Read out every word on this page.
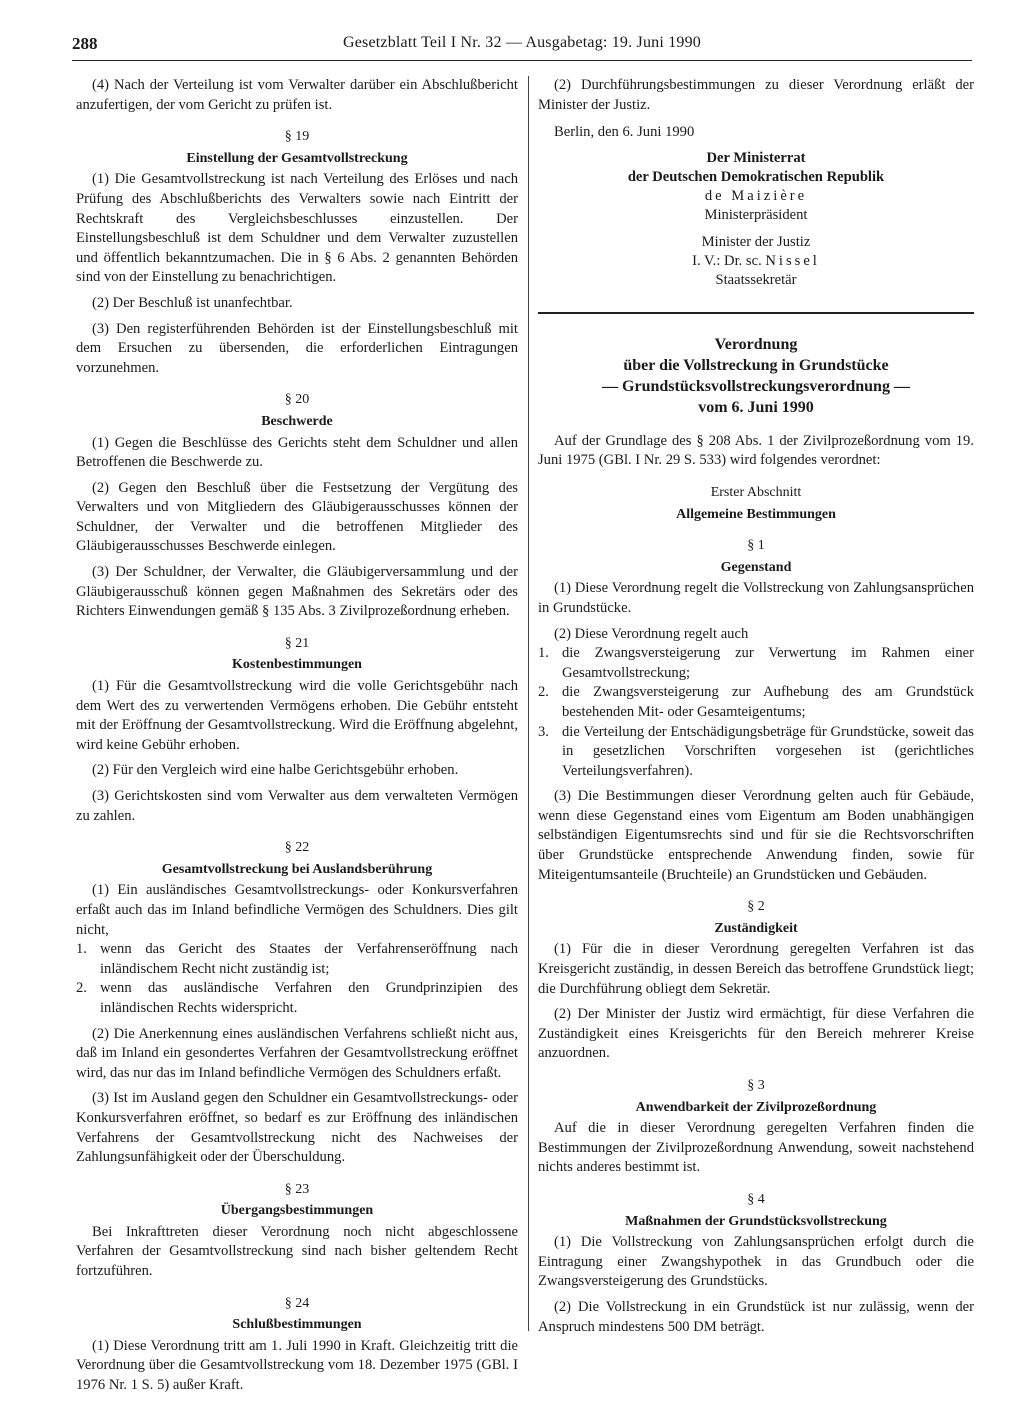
288	Gesetzblatt Teil I Nr. 32 — Ausgabetag: 19. Juni 1990

(4) Nach der Verteilung ist vom Verwalter darüber ein Abschlußbericht anzufertigen, der vom Gericht zu prüfen ist.

§ 19
Einstellung der Gesamtvollstreckung

(1) Die Gesamtvollstreckung ist nach Verteilung des Erlöses und nach Prüfung des Abschlußberichts des Verwalters sowie nach Eintritt der Rechtskraft des Vergleichsbeschlusses einzustellen. Der Einstellungsbeschluß ist dem Schuldner und dem Verwalter zuzustellen und öffentlich bekanntzumachen. Die in § 6 Abs. 2 genannten Behörden sind von der Einstellung zu benachrichtigen.

(2) Der Beschluß ist unanfechtbar.

(3) Den registerführenden Behörden ist der Einstellungsbeschluß mit dem Ersuchen zu übersenden, die erforderlichen Eintragungen vorzunehmen.

§ 20
Beschwerde

(1) Gegen die Beschlüsse des Gerichts steht dem Schuldner und allen Betroffenen die Beschwerde zu.

(2) Gegen den Beschluß über die Festsetzung der Vergütung des Verwalters und von Mitgliedern des Gläubigerausschusses können der Schuldner, der Verwalter und die betroffenen Mitglieder des Gläubigerausschusses Beschwerde einlegen.

(3) Der Schuldner, der Verwalter, die Gläubigerversammlung und der Gläubigerausschuß können gegen Maßnahmen des Sekretärs oder des Richters Einwendungen gemäß § 135 Abs. 3 Zivilprozeßordnung erheben.

§ 21
Kostenbestimmungen

(1) Für die Gesamtvollstreckung wird die volle Gerichtsgebühr nach dem Wert des zu verwertenden Vermögens erhoben. Die Gebühr entsteht mit der Eröffnung der Gesamtvollstreckung. Wird die Eröffnung abgelehnt, wird keine Gebühr erhoben.

(2) Für den Vergleich wird eine halbe Gerichtsgebühr erhoben.

(3) Gerichtskosten sind vom Verwalter aus dem verwalteten Vermögen zu zahlen.

§ 22
Gesamtvollstreckung bei Auslandsberührung

(1) Ein ausländisches Gesamtvollstreckungs- oder Konkursverfahren erfaßt auch das im Inland befindliche Vermögen des Schuldners. Dies gilt nicht,

1. wenn das Gericht des Staates der Verfahrenseröffnung nach inländischem Recht nicht zuständig ist;
2. wenn das ausländische Verfahren den Grundprinzipien des inländischen Rechts widerspricht.

(2) Die Anerkennung eines ausländischen Verfahrens schließt nicht aus, daß im Inland ein gesondertes Verfahren der Gesamtvollstreckung eröffnet wird, das nur das im Inland befindliche Vermögen des Schuldners erfaßt.

(3) Ist im Ausland gegen den Schuldner ein Gesamtvollstreckungs- oder Konkursverfahren eröffnet, so bedarf es zur Eröffnung des inländischen Verfahrens der Gesamtvollstreckung nicht des Nachweises der Zahlungsunfähigkeit oder der Überschuldung.

§ 23
Übergangsbestimmungen

Bei Inkrafttreten dieser Verordnung noch nicht abgeschlossene Verfahren der Gesamtvollstreckung sind nach bisher geltendem Recht fortzuführen.

§ 24
Schlußbestimmungen

(1) Diese Verordnung tritt am 1. Juli 1990 in Kraft. Gleichzeitig tritt die Verordnung über die Gesamtvollstreckung vom 18. Dezember 1975 (GBl. I 1976 Nr. 1 S. 5) außer Kraft.

(2) Durchführungsbestimmungen zu dieser Verordnung erläßt der Minister der Justiz.

Berlin, den 6. Juni 1990

Der Ministerrat
der Deutschen Demokratischen Republik
de Maizière
Ministerpräsident
Minister der Justiz
I. V.: Dr. sc. Nissel
Staatssekretär
Verordnung
über die Vollstreckung in Grundstücke
— Grundstücksvollstreckungsverordnung —
vom 6. Juni 1990

Auf der Grundlage des § 208 Abs. 1 der Zivilprozeßordnung vom 19. Juni 1975 (GBl. I Nr. 29 S. 533) wird folgendes verordnet:

Erster Abschnitt
Allgemeine Bestimmungen
§ 1
Gegenstand

(1) Diese Verordnung regelt die Vollstreckung von Zahlungsansprüchen in Grundstücke.

(2) Diese Verordnung regelt auch

1. die Zwangsversteigerung zur Verwertung im Rahmen einer Gesamtvollstreckung;
2. die Zwangsversteigerung zur Aufhebung des am Grundstück bestehenden Mit- oder Gesamteigentums;
3. die Verteilung der Entschädigungsbeträge für Grundstücke, soweit das in gesetzlichen Vorschriften vorgesehen ist (gerichtliches Verteilungsverfahren).

(3) Die Bestimmungen dieser Verordnung gelten auch für Gebäude, wenn diese Gegenstand eines vom Eigentum am Boden unabhängigen selbständigen Eigentumsrechts sind und für sie die Rechtsvorschriften über Grundstücke entsprechende Anwendung finden, sowie für Miteigentumsanteile (Bruchteile) an Grundstücken und Gebäuden.

§ 2
Zuständigkeit

(1) Für die in dieser Verordnung geregelten Verfahren ist das Kreisgericht zuständig, in dessen Bereich das betroffene Grundstück liegt; die Durchführung obliegt dem Sekretär.

(2) Der Minister der Justiz wird ermächtigt, für diese Verfahren die Zuständigkeit eines Kreisgerichts für den Bereich mehrerer Kreise anzuordnen.

§ 3
Anwendbarkeit der Zivilprozeßordnung

Auf die in dieser Verordnung geregelten Verfahren finden die Bestimmungen der Zivilprozeßordnung Anwendung, soweit nachstehend nichts anderes bestimmt ist.

§ 4
Maßnahmen der Grundstücksvollstreckung

(1) Die Vollstreckung von Zahlungsansprüchen erfolgt durch die Eintragung einer Zwangshypothek in das Grundbuch oder die Zwangsversteigerung des Grundstücks.

(2) Die Vollstreckung in ein Grundstück ist nur zulässig, wenn der Anspruch mindestens 500 DM beträgt.
